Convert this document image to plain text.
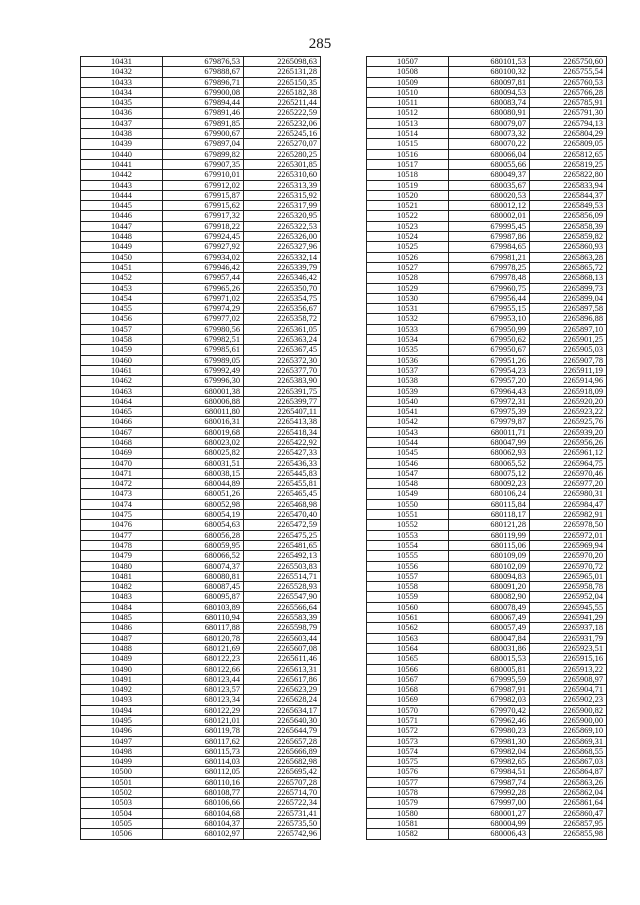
285
10431	679876,53	2265098,63
10432	679888,67	2265131,28
10433	679896,71	2265150,35
10434	679900,08	2265182,38
10435	679894,44	2265211,44
10436	679891,46	2265222,59
10437	679891,85	2265232,06
10438	679900,67	2265245,16
10439	679897,04	2265270,07
10440	679899,82	2265280,25
10441	679907,35	2265301,85
10442	679910,01	2265310,60
10443	679912,02	2265313,39
10444	679915,87	2265315,92
10445	679915,62	2265317,99
10446	679917,32	2265320,95
10447	679918,22	2265322,53
10448	679924,45	2265326,00
10449	679927,92	2265327,96
10450	679934,02	2265332,14
10451	679946,42	2265339,79
10452	679957,44	2265346,42
10453	679965,26	2265350,70
10454	679971,02	2265354,75
10455	679974,29	2265356,67
10456	679977,02	2265358,72
10457	679980,56	2265361,05
10458	679982,51	2265363,24
10459	679985,61	2265367,45
10460	679989,05	2265372,30
10461	679992,49	2265377,70
10462	679996,30	2265383,90
10463	680001,38	2265391,75
10464	680006,88	2265399,77
10465	680011,80	2265407,11
10466	680016,31	2265413,38
10467	680019,68	2265418,34
10468	680023,02	2265422,92
10469	680025,82	2265427,33
10470	680031,51	2265436,33
10471	680038,15	2265445,83
10472	680044,89	2265455,81
10473	680051,26	2265465,45
10474	680052,98	2265468,98
10475	680054,19	2265470,40
10476	680054,63	2265472,59
10477	680056,28	2265475,25
10478	680059,95	2265481,65
10479	680066,52	2265492,13
10480	680074,37	2265503,83
10481	680080,81	2265514,71
10482	680087,45	2265528,93
10483	680095,87	2265547,90
10484	680103,89	2265566,64
10485	680110,94	2265583,39
10486	680117,88	2265598,79
10487	680120,78	2265603,44
10488	680121,69	2265607,08
10489	680122,23	2265611,46
10490	680122,66	2265613,31
10491	680123,44	2265617,86
10492	680123,57	2265623,29
10493	680123,34	2265628,24
10494	680122,29	2265634,17
10495	680121,01	2265640,30
10496	680119,78	2265644,79
10497	680117,62	2265657,28
10498	680115,73	2265666,89
10499	680114,03	2265682,98
10500	680112,05	2265695,42
10501	680110,16	2265707,28
10502	680108,77	2265714,70
10503	680106,66	2265722,34
10504	680104,68	2265731,41
10505	680104,37	2265735,50
10506	680102,97	2265742,96
10507	680101,53	2265750,60
10508	680100,32	2265755,54
10509	680097,81	2265760,53
10510	680094,53	2265766,28
10511	680083,74	2265785,91
10512	680080,91	2265791,30
10513	680079,07	2265794,13
10514	680073,32	2265804,29
10515	680070,22	2265809,05
10516	680066,04	2265812,65
10517	680055,66	2265819,25
10518	680049,37	2265822,80
10519	680035,67	2265833,94
10520	680020,53	2265844,37
10521	680012,12	2265849,53
10522	680002,01	2265856,09
10523	679995,45	2265858,39
10524	679987,86	2265859,82
10525	679984,65	2265860,93
10526	679981,21	2265863,28
10527	679978,25	2265865,72
10528	679978,48	2265868,13
10529	679960,75	2265899,73
10530	679956,44	2265899,04
10531	679955,15	2265897,58
10532	679953,10	2265896,88
10533	679950,99	2265897,10
10534	679950,62	2265901,25
10535	679950,67	2265905,03
10536	679951,26	2265907,78
10537	679954,23	2265911,19
10538	679957,20	2265914,96
10539	679964,43	2265918,09
10540	679972,31	2265920,20
10541	679975,39	2265923,22
10542	679979,87	2265925,76
10543	680011,71	2265939,20
10544	680047,99	2265956,26
10545	680062,93	2265961,12
10546	680065,52	2265964,75
10547	680075,12	2265970,46
10548	680092,23	2265977,20
10549	680106,24	2265980,31
10550	680115,84	2265984,47
10551	680118,17	2265982,91
10552	680121,28	2265978,50
10553	680119,99	2265972,01
10554	680115,06	2265969,94
10555	680109,09	2265970,20
10556	680102,09	2265970,72
10557	680094,83	2265965,01
10558	680091,20	2265958,78
10559	680082,90	2265952,04
10560	680078,49	2265945,55
10561	680067,49	2265941,29
10562	680057,49	2265937,18
10563	680047,84	2265931,79
10564	680031,86	2265923,51
10565	680015,53	2265915,16
10566	680005,81	2265913,22
10567	679995,59	2265908,97
10568	679987,91	2265904,71
10569	679982,03	2265902,23
10570	679970,42	2265900,82
10571	679962,46	2265900,00
10572	679980,23	2265869,10
10573	679981,30	2265869,31
10574	679982,04	2265868,55
10575	679982,65	2265867,03
10576	679984,51	2265864,87
10577	679987,74	2265863,26
10578	679992,28	2265862,04
10579	679997,00	2265861,64
10580	680001,27	2265860,47
10581	680004,99	2265857,95
10582	680006,43	2265855,98
